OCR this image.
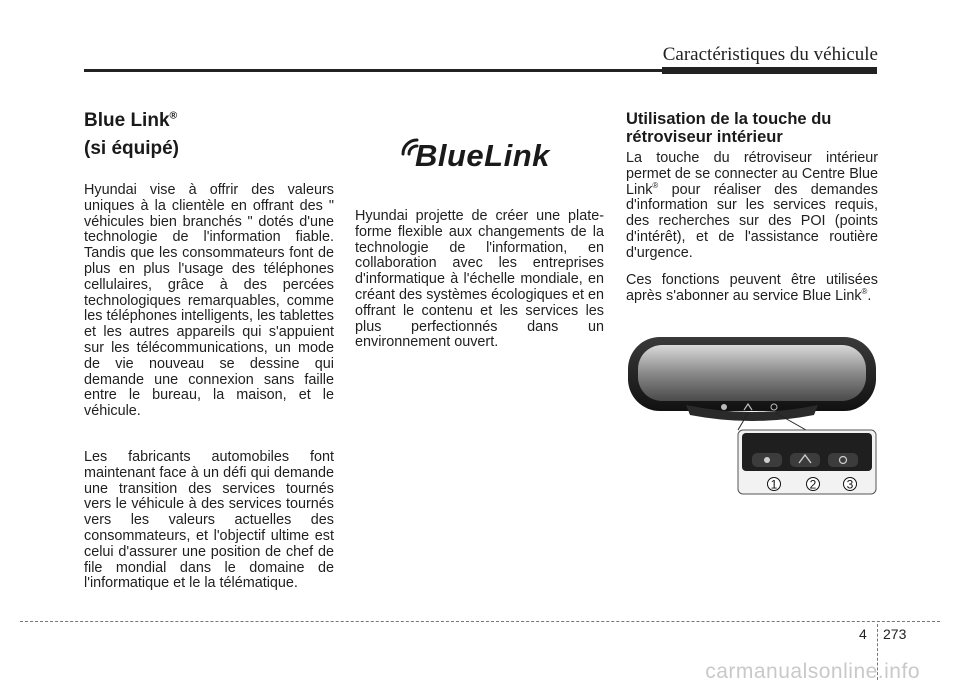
Caractéristiques du véhicule
Blue Link®
(si équipé)

Hyundai vise à offrir des valeurs uniques à la clientèle en offrant des " véhicules bien branchés " dotés d'une technologie de l'information fiable. Tandis que les consommateurs font de plus en plus l'usage des téléphones cellulaires, grâce à des percées technologiques remarquables, comme les téléphones intelligents, les tablettes et les autres appareils qui s'appuient sur les télécommunications, un mode de vie nouveau se dessine qui demande une connexion sans faille entre le bureau, la maison, et le véhicule.

Les fabricants automobiles font maintenant face à un défi qui demande une transition des services tournés vers le véhicule à des services tournés vers les valeurs actuelles des consommateurs, et l'objectif ultime est celui d'assurer une position de chef de file mondial dans le domaine de l'informatique et le la télématique.

BlueLink

Hyundai projette de créer une plate-forme flexible aux changements de la technologie de l'information, en collaboration avec les entreprises d'informatique à l'échelle mondiale, en créant des systèmes écologiques et en offrant le contenu et les services les plus perfectionnés dans un environnement ouvert.

Utilisation de la touche du rétroviseur intérieur

La touche du rétroviseur intérieur permet de se connecter au Centre Blue Link® pour réaliser des demandes d'information sur les services requis, des recherches sur des POI (points d'intérêt), et de l'assistance routière d'urgence.

Ces fonctions peuvent être utilisées après s'abonner au service Blue Link®.

1	2	3
4 273
carmanualsonline.info
